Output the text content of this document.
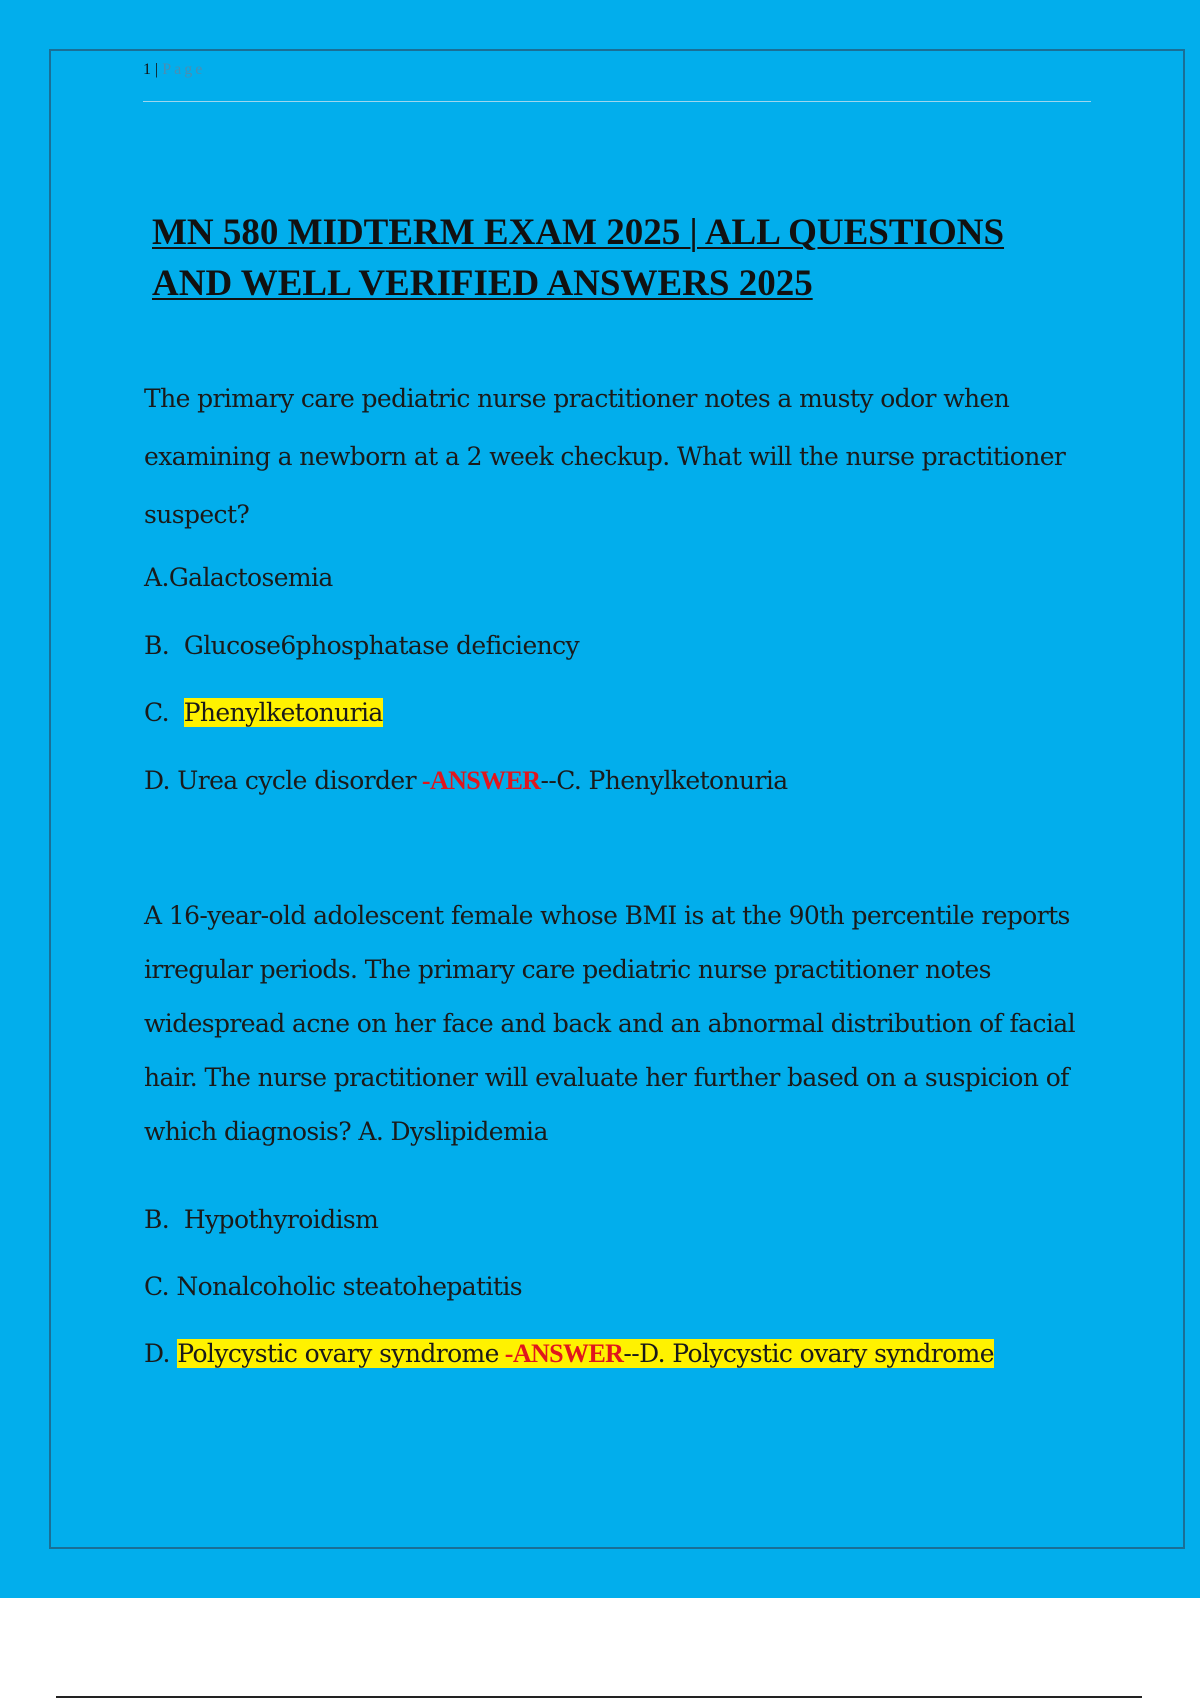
1 | Page
MN 580 MIDTERM EXAM 2025 | ALL QUESTIONS
AND WELL VERIFIED ANSWERS 2025

The primary care pediatric nurse practitioner notes a musty odor when examining a newborn at a 2 week checkup. What will the nurse practitioner suspect?

A.Galactosemia

B. Glucose6phosphatase deficiency

C. Phenylketonuria

D. Urea cycle disorder -ANSWER--C. Phenylketonuria

A 16-year-old adolescent female whose BMI is at the 90th percentile reports irregular periods. The primary care pediatric nurse practitioner notes widespread acne on her face and back and an abnormal distribution of facial hair. The nurse practitioner will evaluate her further based on a suspicion of which diagnosis? A. Dyslipidemia

B. Hypothyroidism

C. Nonalcoholic steatohepatitis

D. Polycystic ovary syndrome -ANSWER--D. Polycystic ovary syndrome
